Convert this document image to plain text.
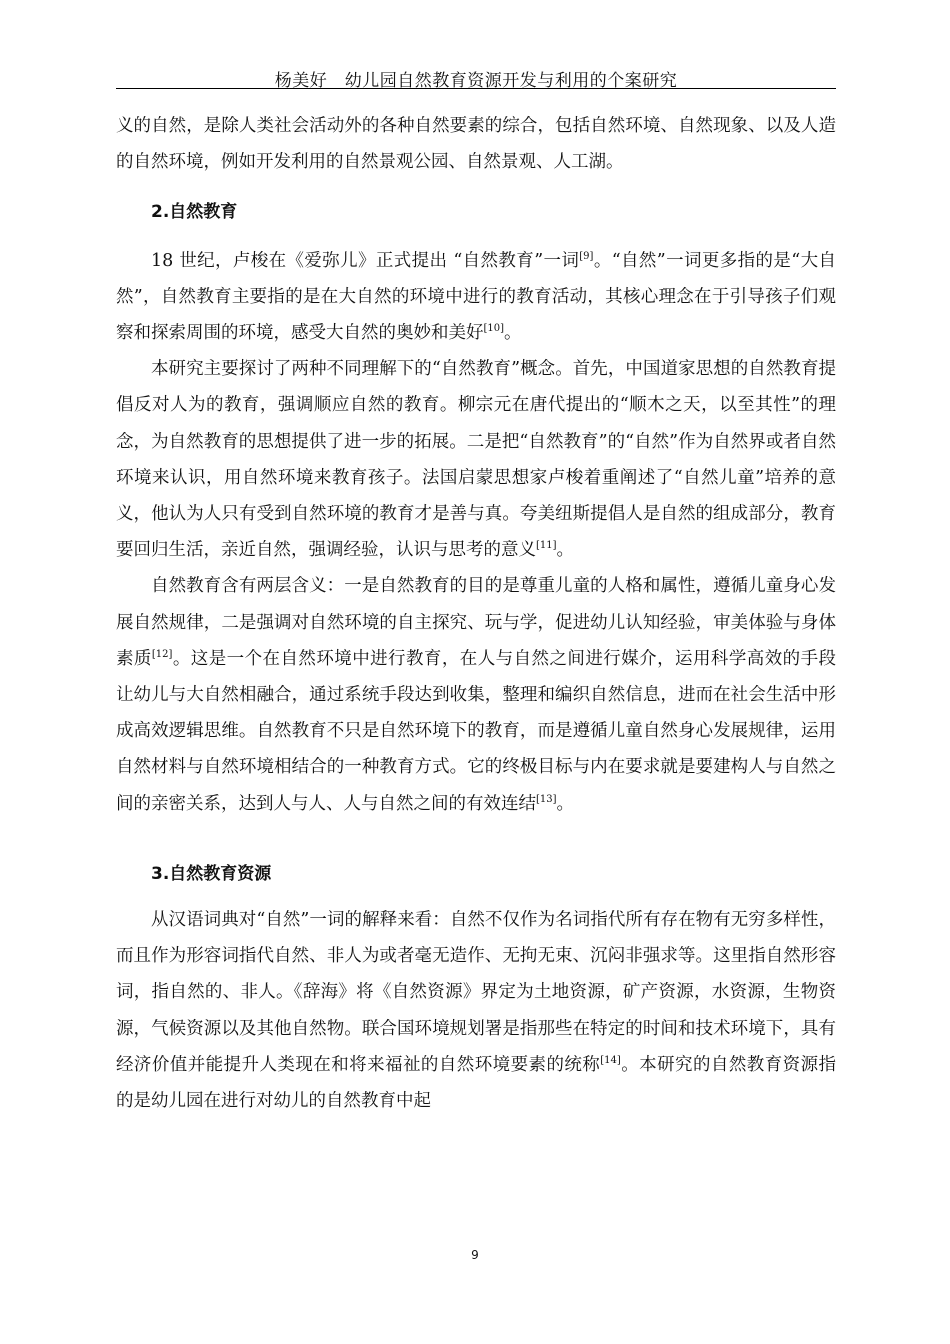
杨美好　幼儿园自然教育资源开发与利用的个案研究

义的自然，是除人类社会活动外的各种自然要素的综合，包括自然环境、自然现象、以及人造的自然环境，例如开发利用的自然景观公园、自然景观、人工湖。

2.自然教育

18 世纪，卢梭在《爱弥儿》正式提出 “自然教育”一词[9]。“自然”一词更多指的是“大自然”，自然教育主要指的是在大自然的环境中进行的教育活动，其核心理念在于引导孩子们观察和探索周围的环境，感受大自然的奥妙和美好[10]。

本研究主要探讨了两种不同理解下的“自然教育”概念。首先，中国道家思想的自然教育提倡反对人为的教育，强调顺应自然的教育。柳宗元在唐代提出的“顺木之天，以至其性”的理念，为自然教育的思想提供了进一步的拓展。二是把“自然教育”的“自然”作为自然界或者自然环境来认识，用自然环境来教育孩子。法国启蒙思想家卢梭着重阐述了“自然儿童”培养的意义，他认为人只有受到自然环境的教育才是善与真。夸美纽斯提倡人是自然的组成部分，教育要回归生活，亲近自然，强调经验，认识与思考的意义[11]。

自然教育含有两层含义：一是自然教育的目的是尊重儿童的人格和属性，遵循儿童身心发展自然规律，二是强调对自然环境的自主探究、玩与学，促进幼儿认知经验，审美体验与身体素质[12]。这是一个在自然环境中进行教育，在人与自然之间进行媒介，运用科学高效的手段让幼儿与大自然相融合，通过系统手段达到收集，整理和编织自然信息，进而在社会生活中形成高效逻辑思维。自然教育不只是自然环境下的教育，而是遵循儿童自然身心发展规律，运用自然材料与自然环境相结合的一种教育方式。它的终极目标与内在要求就是要建构人与自然之间的亲密关系，达到人与人、人与自然之间的有效连结[13]。

3.自然教育资源

从汉语词典对“自然”一词的解释来看：自然不仅作为名词指代所有存在物有无穷多样性，而且作为形容词指代自然、非人为或者毫无造作、无拘无束、沉闷非强求等。这里指自然形容词，指自然的、非人。《辞海》将《自然资源》界定为土地资源，矿产资源，水资源，生物资源，气候资源以及其他自然物。联合国环境规划署是指那些在特定的时间和技术环境下，具有经济价值并能提升人类现在和将来福祉的自然环境要素的统称[14]。本研究的自然教育资源指的是幼儿园在进行对幼儿的自然教育中起

9
